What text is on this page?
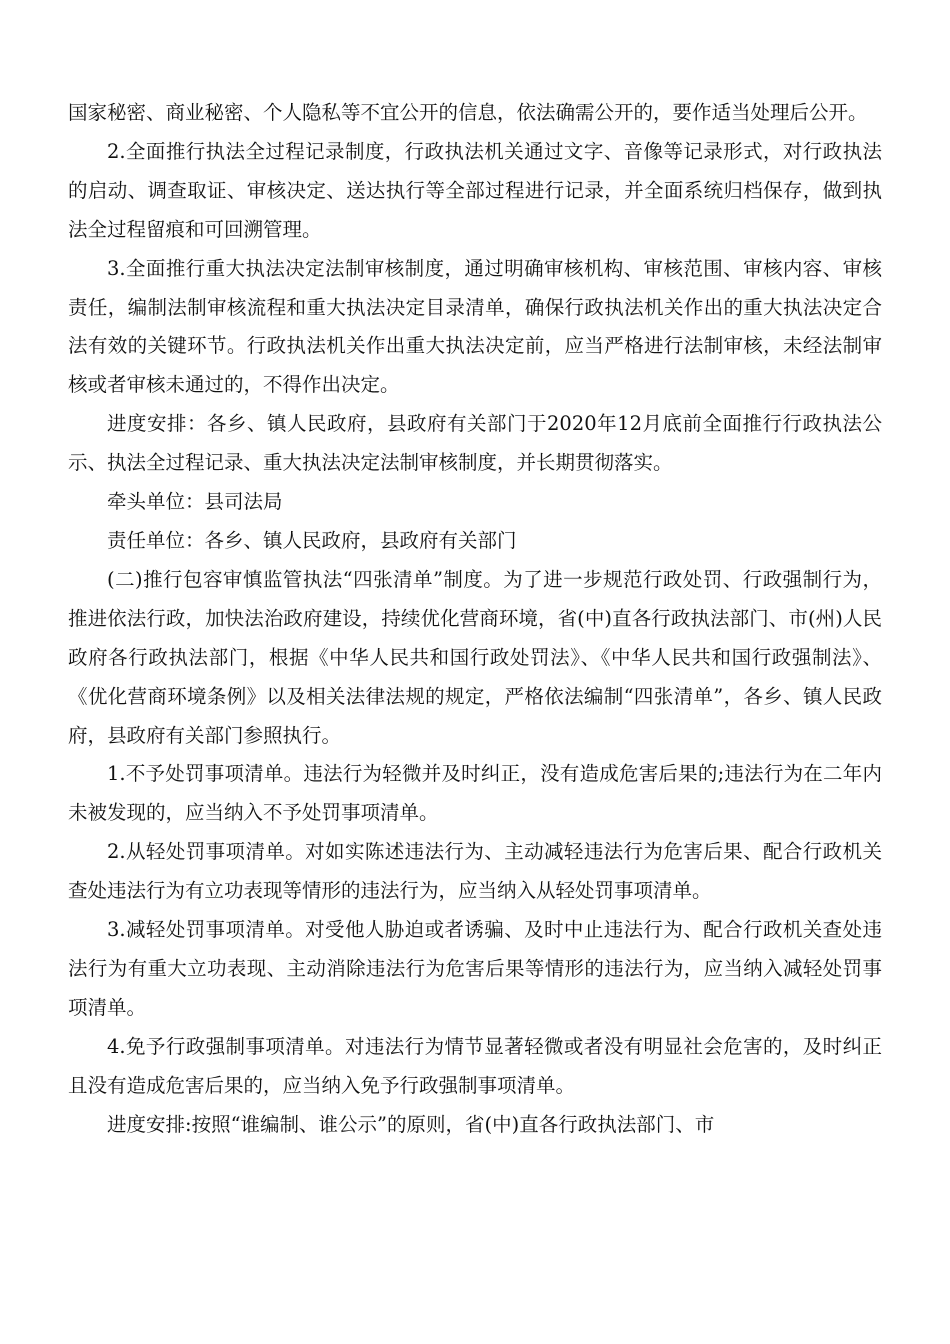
国家秘密、商业秘密、个人隐私等不宜公开的信息，依法确需公开的，要作适当处理后公开。

2.全面推行执法全过程记录制度，行政执法机关通过文字、音像等记录形式，对行政执法的启动、调查取证、审核决定、送达执行等全部过程进行记录，并全面系统归档保存，做到执法全过程留痕和可回溯管理。

3.全面推行重大执法决定法制审核制度，通过明确审核机构、审核范围、审核内容、审核责任，编制法制审核流程和重大执法决定目录清单，确保行政执法机关作出的重大执法决定合法有效的关键环节。行政执法机关作出重大执法决定前，应当严格进行法制审核，未经法制审核或者审核未通过的，不得作出决定。

进度安排：各乡、镇人民政府，县政府有关部门于2020年12月底前全面推行行政执法公示、执法全过程记录、重大执法决定法制审核制度，并长期贯彻落实。

牵头单位：县司法局

责任单位：各乡、镇人民政府，县政府有关部门

(二)推行包容审慎监管执法“四张清单”制度。为了进一步规范行政处罚、行政强制行为，推进依法行政，加快法治政府建设，持续优化营商环境，省(中)直各行政执法部门、市(州)人民政府各行政执法部门，根据《中华人民共和国行政处罚法》、《中华人民共和国行政强制法》、《优化营商环境条例》以及相关法律法规的规定，严格依法编制“四张清单”，各乡、镇人民政府，县政府有关部门参照执行。

1.不予处罚事项清单。违法行为轻微并及时纠正，没有造成危害后果的;违法行为在二年内未被发现的，应当纳入不予处罚事项清单。

2.从轻处罚事项清单。对如实陈述违法行为、主动减轻违法行为危害后果、配合行政机关查处违法行为有立功表现等情形的违法行为，应当纳入从轻处罚事项清单。

3.减轻处罚事项清单。对受他人胁迫或者诱骗、及时中止违法行为、配合行政机关查处违法行为有重大立功表现、主动消除违法行为危害后果等情形的违法行为，应当纳入减轻处罚事项清单。

4.免予行政强制事项清单。对违法行为情节显著轻微或者没有明显社会危害的，及时纠正且没有造成危害后果的，应当纳入免予行政强制事项清单。

进度安排:按照“谁编制、谁公示”的原则，省(中)直各行政执法部门、市
